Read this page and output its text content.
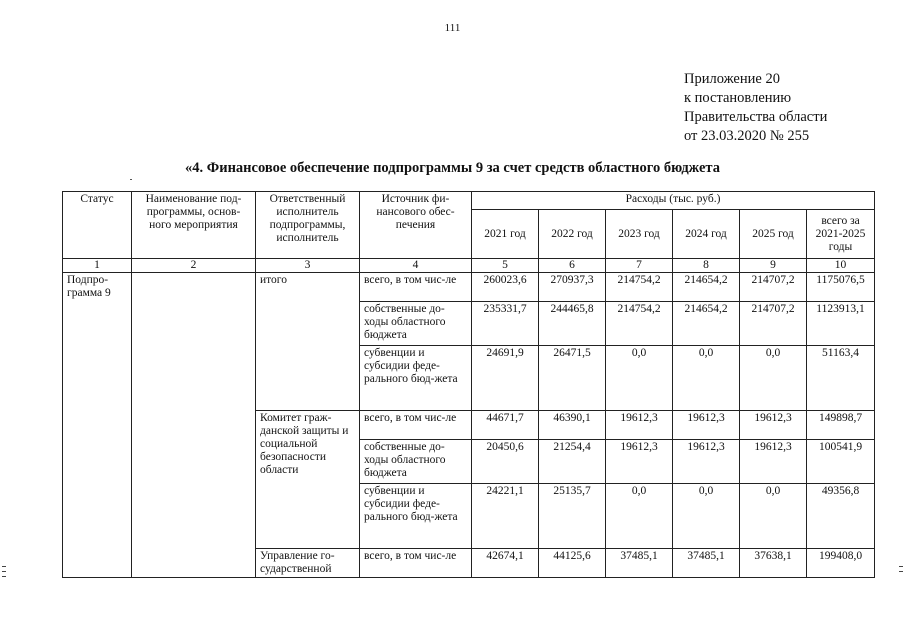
111
Приложение 20
к постановлению
Правительства области
от 23.03.2020 № 255
«4. Финансовое обеспечение подпрограммы 9 за счет средств областного бюджета
Статус	Наименование под-программы, основ-ного мероприятия	Ответственный исполнитель подпрограммы, исполнитель	Источник фи-нансового обес-печения	Расходы (тыс. руб.)					
				2021 год	2022 год	2023 год	2024 год	2025 год	всего за 2021-2025 годы
1	2	3	4	5	6	7	8	9	10
Подпро-грамма 9		итого	всего, в том чис-ле	260023,6	270937,3	214754,2	214654,2	214707,2	1175076,5
			собственные до-ходы областного бюджета	235331,7	244465,8	214754,2	214654,2	214707,2	1123913,1
			субвенции и субсидии феде-рального бюд-жета	24691,9	26471,5	0,0	0,0	0,0	51163,4
		Комитет граж-данской защиты и социальной безопасности области	всего, в том чис-ле	44671,7	46390,1	19612,3	19612,3	19612,3	149898,7
			собственные до-ходы областного бюджета	20450,6	21254,4	19612,3	19612,3	19612,3	100541,9
			субвенции и субсидии феде-рального бюд-жета	24221,1	25135,7	0,0	0,0	0,0	49356,8
		Управление го-сударственной	всего, в том чис-ле	42674,1	44125,6	37485,1	37485,1	37638,1	199408,0
